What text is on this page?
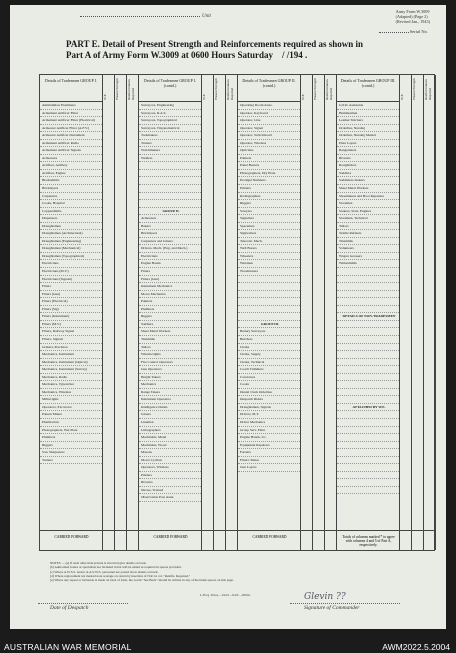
Unit
Army Form W.3009
(Adapted) (Page 2)
(Revised Jan., 1943)
Serial No.
PART E. Detail of Present Strength and Reinforcements required as shown in
Part A of Army Form W.3009 at 0600 Hours Saturday / /194 .
Details of Tradesmen GROUP I.
Ammunition Examiners
Armament Artificer Fitter
Armament Artificer Fitter (Electrical)
Armourer Artificer Fitter (A.F.V.)
Armourer Artificer Instrument
Armament Artificer Radio
Armament Artificer Signals
Armourers
Artificer, Artillery
Artificer, Engine
Blacksmiths
Bricklayers
Carpenters
Cooks, Hospital
Coppersmiths
Dispensers
Draughtsmen
Draughtsmen (Architectural)
Draughtsmen (Engineering)
Draughtsmen (Mechanical)
Draughtsmen (Topographical)
Electricians
Electricians (M.V.)
Electricians (Signals)
Fitters
Fitters (Gun)
Fitters (Electrical)
Fitters (Sig)
Fitters (Instrument)
Fitters (M.V.)
Fitters, Railway Signal
Fitters, Signals
Grinder, Precision
Mechanics, Instrument
Mechanics, Instrument (Optical)
Mechanics, Instrument (Survey)
Mechanics, Radio
Mechanics, Typewriter
Mechanics, Wireless
Millwrights
Operators, Excavator
Pattern Maker
Pharmacists
Photographers, Wet Plate
Plumbers
Riggers
Saw Sharpeners
Turners
W.E.	Present Strength	Reinforcements Required
CARRIED FORWARD
Details of Tradesmen GROUP I. (contd.)
Surveyors, Engineering
Surveyors, R.A.S.
Surveyors, Topographical
Surveyors, Trigonometrical
Toolmakers
Turners
Watchmakers
Welders
GROUP II.
Armourers
Bakers
Bricklayers
Carpenters and Joiners
Drivers, Mech. (Eng. and Mech.)
Electricians
Engine Hands
Fitters
Fitters (Gun)
Instrument Mechanics
Motor Mechanics
Painters
Plumbers
Riggers
Saddlers
Sheet Metal Workers
Tinsmiths
Tailors
Wheelwrights
Fire Control Operators
Gun Operators
Height Takers
Mechanics
Range Takers
Instrument Operators
Intelligence Duties
Joiners
Linemen
Lithographers
Machinists, Metal
Machinists, Wood
Masons
Motor Cyclists
Operators, Wireless
Printers
Riveters
Nurses, Trained
Observation Post Assts.
W.E.	Present Strength	Reinforcements Required
CARRIED FORWARD
Details of Tradesmen GROUP II. (contd.)
Operating Room Assts.
Operator, Keyboard
Operator, Line
Operator, Signal
Operator, Switchboard
Operator, Wireless
Opticians
Painters
Panel Beaters
Photographers, Dry Plate
Prodigal Numbers
Printers
Radiographers
Riggers
Sawyers
Signallers
Spacemen
Signwriters
Telecom. Mech.
Well Borers
Wheelers
Wiremen
Woodturners
GROUP III.
Battery Surveyors
Butchers
Clerks
Clerks, Supply
Clerks, Technical
Coach Trimmers
Concreters
Cooks
Dental Clerk Orderlies
Despatch Riders
Draughtsmen, Signals
Drivers, M.T.
Driver Mechanics
Group Serv. Plant
Engine Hands, I.C.
Equipment Repairers
Farriers
Fitters' Mates
Gun Layers
W.E.	Present Strength	Reinforcements Required
CARRIED FORWARD
Details of Tradesmen GROUP III. (contd.)
G.P.O. Assistants
Hammermen
Leather Stitchers
Orderlies, Nursing
Orderlies, Nursing Mental
Plate Layers
Rangetakers
Riveters
Roughriders
Saddlers
Saddletree makers
Sheet Metal Workers
Shoemakers and Boot Repairers
Storemen
Stokers, Stats. Engines
Storemen, Technical
Tailors
Textile Refiners
Tinsmiths
Volunteers
Wagon Greasers
Whitesmiths
DETAILS OF NON-TRADESMEN
ATTACHED BY W.E.
W.E.	Present Strength	Reinforcements Required
Totals of columns marked * to agree with columns 4 and 5 of Part A, respectively.
NOTES — (a) If such other than private is involved give details on back.
(b) Authorized trades or specialists not included in list will be added as required in spaces provided.
(c) Where A.W.S.S. and/or A.A.S.W.S. personnel are posted show details on back.
(d) Where replacement not desired note wastage on return by insertion of N.R. in col. "Reinfts. Required."
(e) Where any repeat or inclusion is made on back of form, the words "See Back" should be written in any of the blank spaces on this page.
Date of Despatch
L.H.Q. Press—1943—6/43—200m.	Glevin ??
Signature of Commander
AUSTRALIAN WAR MEMORIAL	AWM2022.5.2004
